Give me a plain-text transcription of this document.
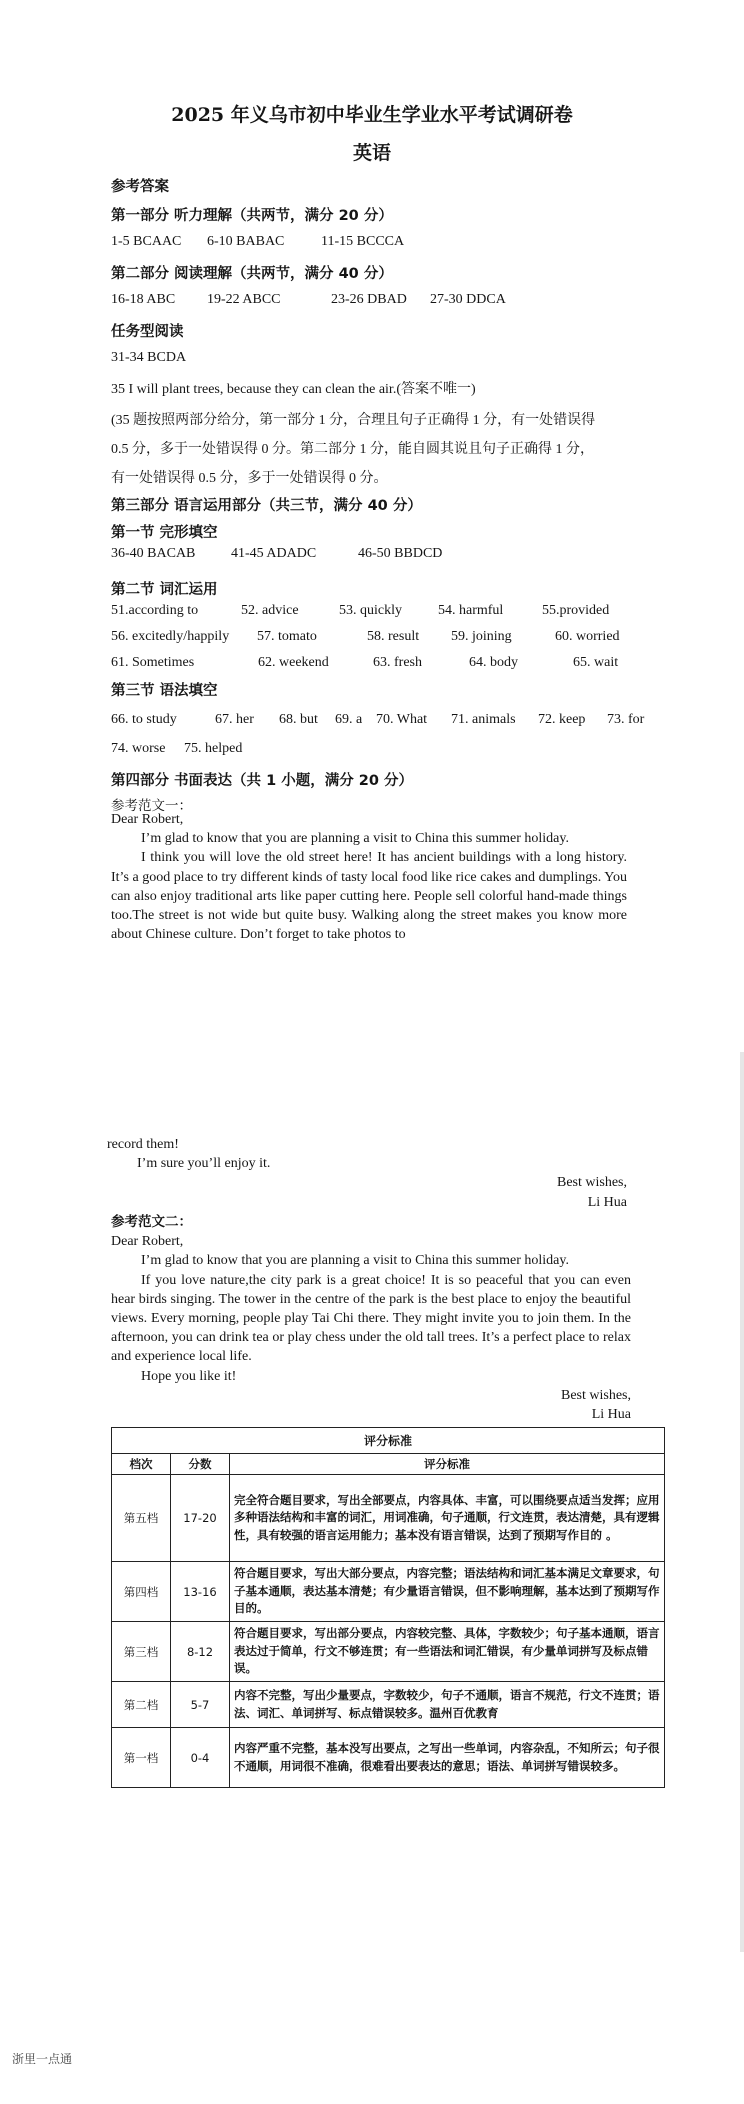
2025 年义乌市初中毕业生学业水平考试调研卷
英语
参考答案
第一部分 听力理解（共两节，满分 20 分）
1-5 BCAAC 6-10 BABAC	11-15 BCCCA
第二部分 阅读理解（共两节，满分 40 分）
16-18 ABC 19-22 ABCC	23-26 DBAD 27-30 DDCA
任务型阅读
31-34 BCDA
35 I will plant trees, because they can clean the air.(答案不唯一)
(35 题按照两部分给分，第一部分 1 分，合理且句子正确得 1 分，有一处错误得
0.5 分，多于一处错误得 0 分。第二部分 1 分，能自圆其说且句子正确得 1 分，
有一处错误得 0.5 分，多于一处错误得 0 分。
第三部分 语言运用部分（共三节，满分 40 分）
第一节 完形填空
36-40 BACAB	41-45 ADADC	46-50 BBDCD
第二节 词汇运用
51.according to	52. advice	53. quickly	54. harmful	55.provided
56. excitedly/happily 57. tomato	58. result 59. joining	60. worried
61. Sometimes	62. weekend	63. fresh	64. body	65. wait
第三节 语法填空
66. to study	67. her 68. but 69. a 70. What 71. animals 72. keep 73. for
74. worse 75. helped
第四部分 书面表达（共 1 小题，满分 20 分）
参考范文一：

Dear Robert,

I’m glad to know that you are planning a visit to China this summer holiday.

I think you will love the old street here! It has ancient buildings with a long history. It’s a good place to try different kinds of tasty local food like rice cakes and dumplings. You can also enjoy traditional arts like paper cutting here. People sell colorful hand-made things too.The street is not wide but quite busy. Walking along the street makes you know more about Chinese culture. Don’t forget to take photos to

record them!

I’m sure you’ll enjoy it.

Best wishes,

Li Hua

参考范文二：

Dear Robert,

I’m glad to know that you are planning a visit to China this summer holiday.

If you love nature,the city park is a great choice! It is so peaceful that you can even hear birds singing. The tower in the centre of the park is the best place to enjoy the beautiful views. Every morning, people play Tai Chi there. They might invite you to join them. In the afternoon, you can drink tea or play chess under the old tall trees. It’s a perfect place to relax and experience local life.

Hope you like it!

Best wishes,

Li Hua

评分标准		
档次	分数	评分标准
第五档	17-20	完全符合题目要求，写出全部要点，内容具体、丰富，可以围绕要点适当发挥；应用多种语法结构和丰富的词汇，用词准确，句子通顺，行文连贯，表达清楚，具有逻辑性，具有较强的语言运用能力；基本没有语言错误，达到了预期写作目的 。
第四档	13-16	符合题目要求，写出大部分要点，内容完整；语法结构和词汇基本满足文章要求，句子基本通顺，表达基本清楚；有少量语言错误，但不影响理解，基本达到了预期写作目的。
第三档	8-12	符合题目要求，写出部分要点，内容较完整、具体，字数较少；句子基本通顺，语言表达过于简单，行文不够连贯；有一些语法和词汇错误，有少量单词拼写及标点错误。
第二档	5-7	内容不完整，写出少量要点，字数较少，句子不通顺，语言不规范，行文不连贯；语法、词汇、单词拼写、标点错误较多。温州百优教育
第一档	0-4	内容严重不完整，基本没写出要点，之写出一些单词，内容杂乱，不知所云；句子很不通顺，用词很不准确，很难看出要表达的意思；语法、单词拼写错误较多。
浙里一点通
